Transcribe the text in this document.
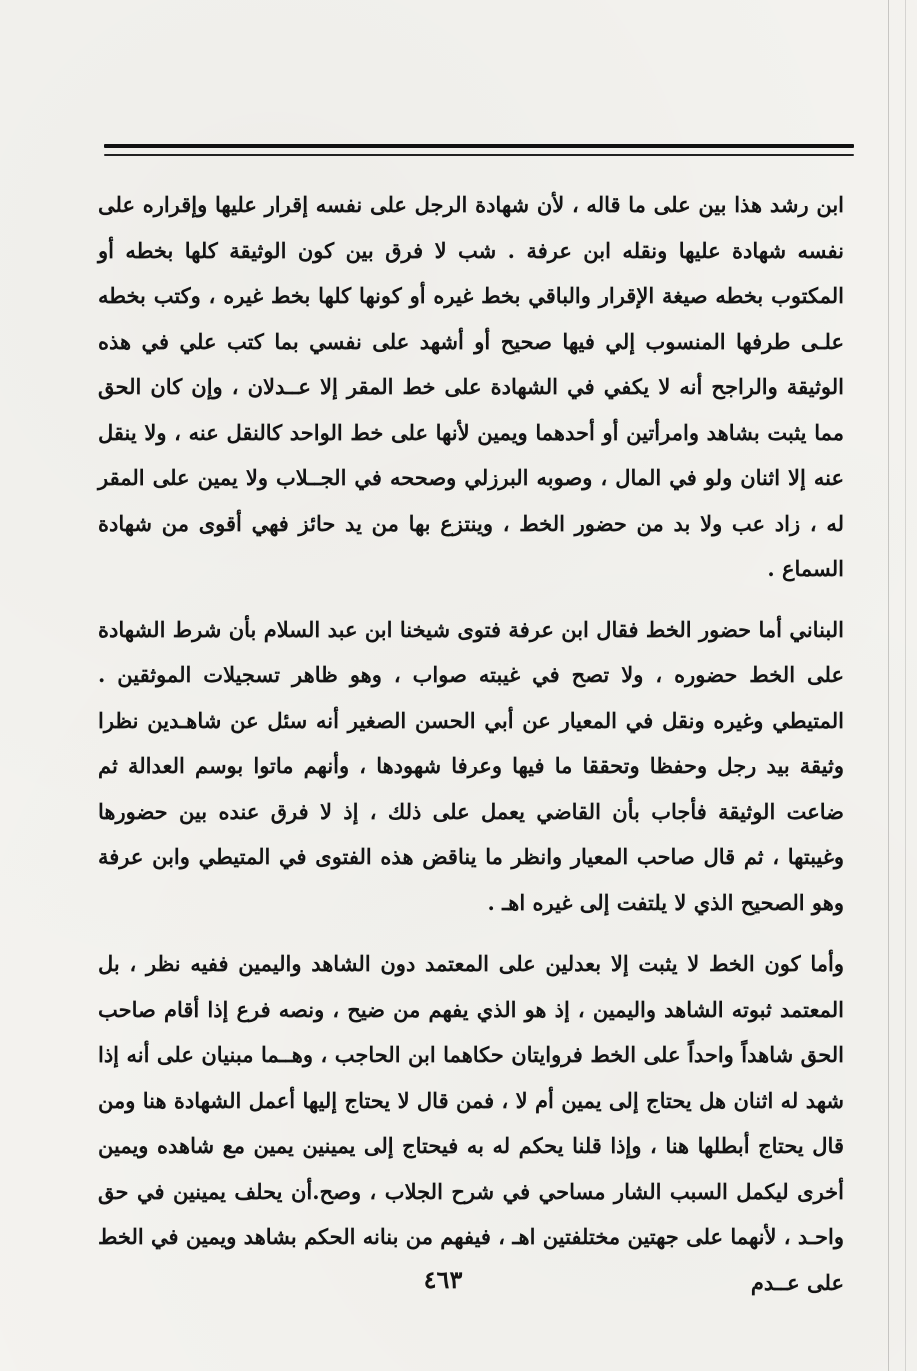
ابن رشد هذا بين على ما قاله ، لأن شهادة الرجل على نفسه إقرار عليها وإقراره على نفسه شهادة عليها ونقله ابن عرفة . شب لا فرق بين كون الوثيقة كلها بخطه أو المكتوب بخطه صيغة الإقرار والباقي بخط غيره أو كونها كلها بخط غيره ، وكتب بخطه علـى طرفها المنسوب إلي فيها صحيح أو أشهد على نفسي بما كتب علي في هذه الوثيقة والراجح أنه لا يكفي في الشهادة على خط المقر إلا عــدلان ، وإن كان الحق مما يثبت بشاهد وامرأتين أو أحدهما ويمين لأنها على خط الواحد كالنقل عنه ، ولا ينقل عنه إلا اثنان ولو في المال ، وصوبه البرزلي وصححه في الجــلاب ولا يمين على المقر له ، زاد عب ولا بد من حضور الخط ، وينتزع بها من يد حائز فهي أقوى من شهادة السماع .

البناني أما حضور الخط فقال ابن عرفة فتوى شيخنا ابن عبد السلام بأن شرط الشهادة على الخط حضوره ، ولا تصح في غيبته صواب ، وهو ظاهر تسجيلات الموثقين . المتيطي وغيره ونقل في المعيار عن أبي الحسن الصغير أنه سئل عن شاهـدين نظرا وثيقة بيد رجل وحفظا وتحققا ما فيها وعرفا شهودها ، وأنهم ماتوا بوسم العدالة ثم ضاعت الوثيقة فأجاب بأن القاضي يعمل على ذلك ، إذ لا فرق عنده بين حضورها وغيبتها ، ثم قال صاحب المعيار وانظر ما يناقض هذه الفتوى في المتيطي وابن عرفة وهو الصحيح الذي لا يلتفت إلى غيره اهـ .

وأما كون الخط لا يثبت إلا بعدلين على المعتمد دون الشاهد واليمين ففيه نظر ، بل المعتمد ثبوته الشاهد واليمين ، إذ هو الذي يفهم من ضيح ، ونصه فرع إذا أقام صاحب الحق شاهداً واحداً على الخط فروايتان حكاهما ابن الحاجب ، وهــما مبنيان على أنه إذا شهد له اثنان هل يحتاج إلى يمين أم لا ، فمن قال لا يحتاج إليها أعمل الشهادة هنا ومن قال يحتاج أبطلها هنا ، وإذا قلنا يحكم له به فيحتاج إلى يمينين يمين مع شاهده ويمين أخرى ليكمل السبب الشار مساحي في شرح الجلاب ، وصح.أن يحلف يمينين في حق واحـد ، لأنهما على جهتين مختلفتين اهـ ، فيفهم من بنانه الحكم بشاهد ويمين في الخط على عــدم

٤٦٣
